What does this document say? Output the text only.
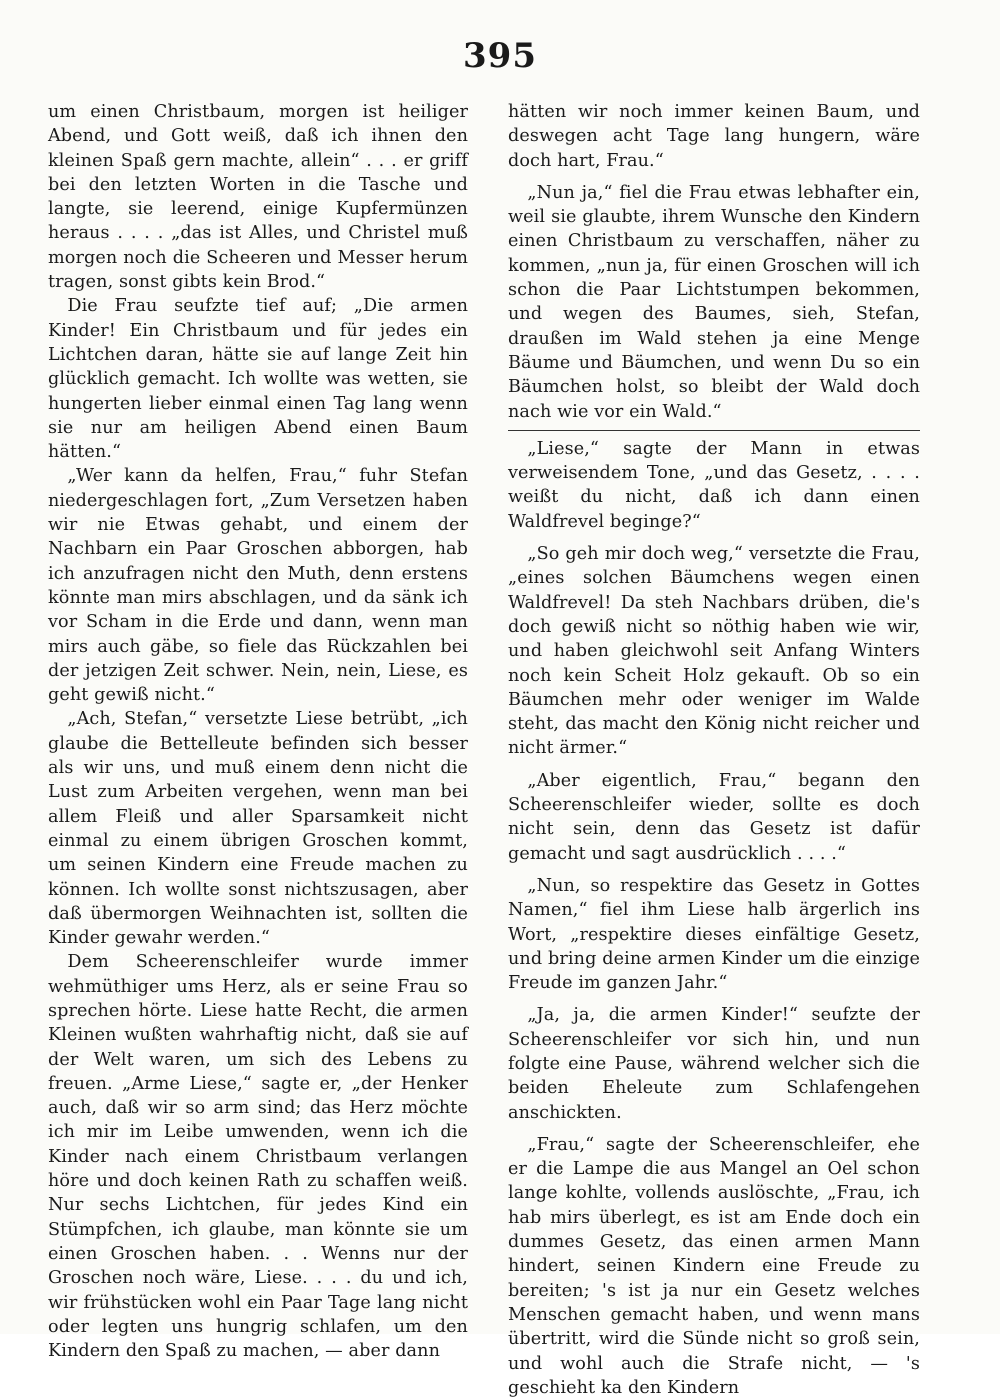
395

um einen Christbaum, morgen ist heiliger Abend, und Gott weiß, daß ich ihnen den kleinen Spaß gern machte, allein“ . . . er griff bei den letzten Worten in die Tasche und langte, sie leerend, einige Kupfermünzen heraus . . . . „das ist Alles, und Christel muß morgen noch die Scheeren und Messer herum tragen, sonst gibts kein Brod.“

Die Frau seufzte tief auf; „Die armen Kinder! Ein Christbaum und für jedes ein Lichtchen daran, hätte sie auf lange Zeit hin glücklich gemacht. Ich wollte was wetten, sie hungerten lieber einmal einen Tag lang wenn sie nur am heiligen Abend einen Baum hätten.“

„Wer kann da helfen, Frau,“ fuhr Stefan niedergeschlagen fort, „Zum Versetzen haben wir nie Etwas gehabt, und einem der Nachbarn ein Paar Groschen abborgen, hab ich anzufragen nicht den Muth, denn erstens könnte man mirs abschlagen, und da sänk ich vor Scham in die Erde und dann, wenn man mirs auch gäbe, so fiele das Rückzahlen bei der jetzigen Zeit schwer. Nein, nein, Liese, es geht gewiß nicht.“

„Ach, Stefan,“ versetzte Liese betrübt, „ich glaube die Bettelleute befinden sich besser als wir uns, und muß einem denn nicht die Lust zum Arbeiten vergehen, wenn man bei allem Fleiß und aller Sparsamkeit nicht einmal zu einem übrigen Groschen kommt, um seinen Kindern eine Freude machen zu können. Ich wollte sonst nichtszusagen, aber daß übermorgen Weihnachten ist, sollten die Kinder gewahr werden.“

Dem Scheerenschleifer wurde immer wehmüthiger ums Herz, als er seine Frau so sprechen hörte. Liese hatte Recht, die armen Kleinen wußten wahrhaftig nicht, daß sie auf der Welt waren, um sich des Lebens zu freuen. „Arme Liese,“ sagte er, „der Henker auch, daß wir so arm sind; das Herz möchte ich mir im Leibe umwenden, wenn ich die Kinder nach einem Christbaum verlangen höre und doch keinen Rath zu schaffen weiß. Nur sechs Lichtchen, für jedes Kind ein Stümpfchen, ich glaube, man könnte sie um einen Groschen haben. . . Wenns nur der Groschen noch wäre, Liese. . . . du und ich, wir frühstücken wohl ein Paar Tage lang nicht oder legten uns hungrig schlafen, um den Kindern den Spaß zu machen, — aber dann

hätten wir noch immer keinen Baum, und deswegen acht Tage lang hungern, wäre doch hart, Frau.“

„Nun ja,“ fiel die Frau etwas lebhafter ein, weil sie glaubte, ihrem Wunsche den Kindern einen Christbaum zu verschaffen, näher zu kommen, „nun ja, für einen Groschen will ich schon die Paar Lichtstumpen bekommen, und wegen des Baumes, sieh, Stefan, draußen im Wald stehen ja eine Menge Bäume und Bäumchen, und wenn Du so ein Bäumchen holst, so bleibt der Wald doch nach wie vor ein Wald.“

„Liese,“ sagte der Mann in etwas verweisendem Tone, „und das Gesetz, . . . . weißt du nicht, daß ich dann einen Waldfrevel beginge?“

„So geh mir doch weg,“ versetzte die Frau, „eines solchen Bäumchens wegen einen Waldfrevel! Da steh Nachbars drüben, die's doch gewiß nicht so nöthig haben wie wir, und haben gleichwohl seit Anfang Winters noch kein Scheit Holz gekauft. Ob so ein Bäumchen mehr oder weniger im Walde steht, das macht den König nicht reicher und nicht ärmer.“

„Aber eigentlich, Frau,“ begann den Scheerenschleifer wieder, sollte es doch nicht sein, denn das Gesetz ist dafür gemacht und sagt ausdrücklich . . . .“

„Nun, so respektire das Gesetz in Gottes Namen,“ fiel ihm Liese halb ärgerlich ins Wort, „respektire dieses einfältige Gesetz, und bring deine armen Kinder um die einzige Freude im ganzen Jahr.“

„Ja, ja, die armen Kinder!“ seufzte der Scheerenschleifer vor sich hin, und nun folgte eine Pause, während welcher sich die beiden Eheleute zum Schlafengehen anschickten.

„Frau,“ sagte der Scheerenschleifer, ehe er die Lampe die aus Mangel an Oel schon lange kohlte, vollends auslöschte, „Frau, ich hab mirs überlegt, es ist am Ende doch ein dummes Gesetz, das einen armen Mann hindert, seinen Kindern eine Freude zu bereiten; 's ist ja nur ein Gesetz welches Menschen gemacht haben, und wenn mans übertritt, wird die Sünde nicht so groß sein, und wohl auch die Strafe nicht, — 's geschieht ka den Kindern
